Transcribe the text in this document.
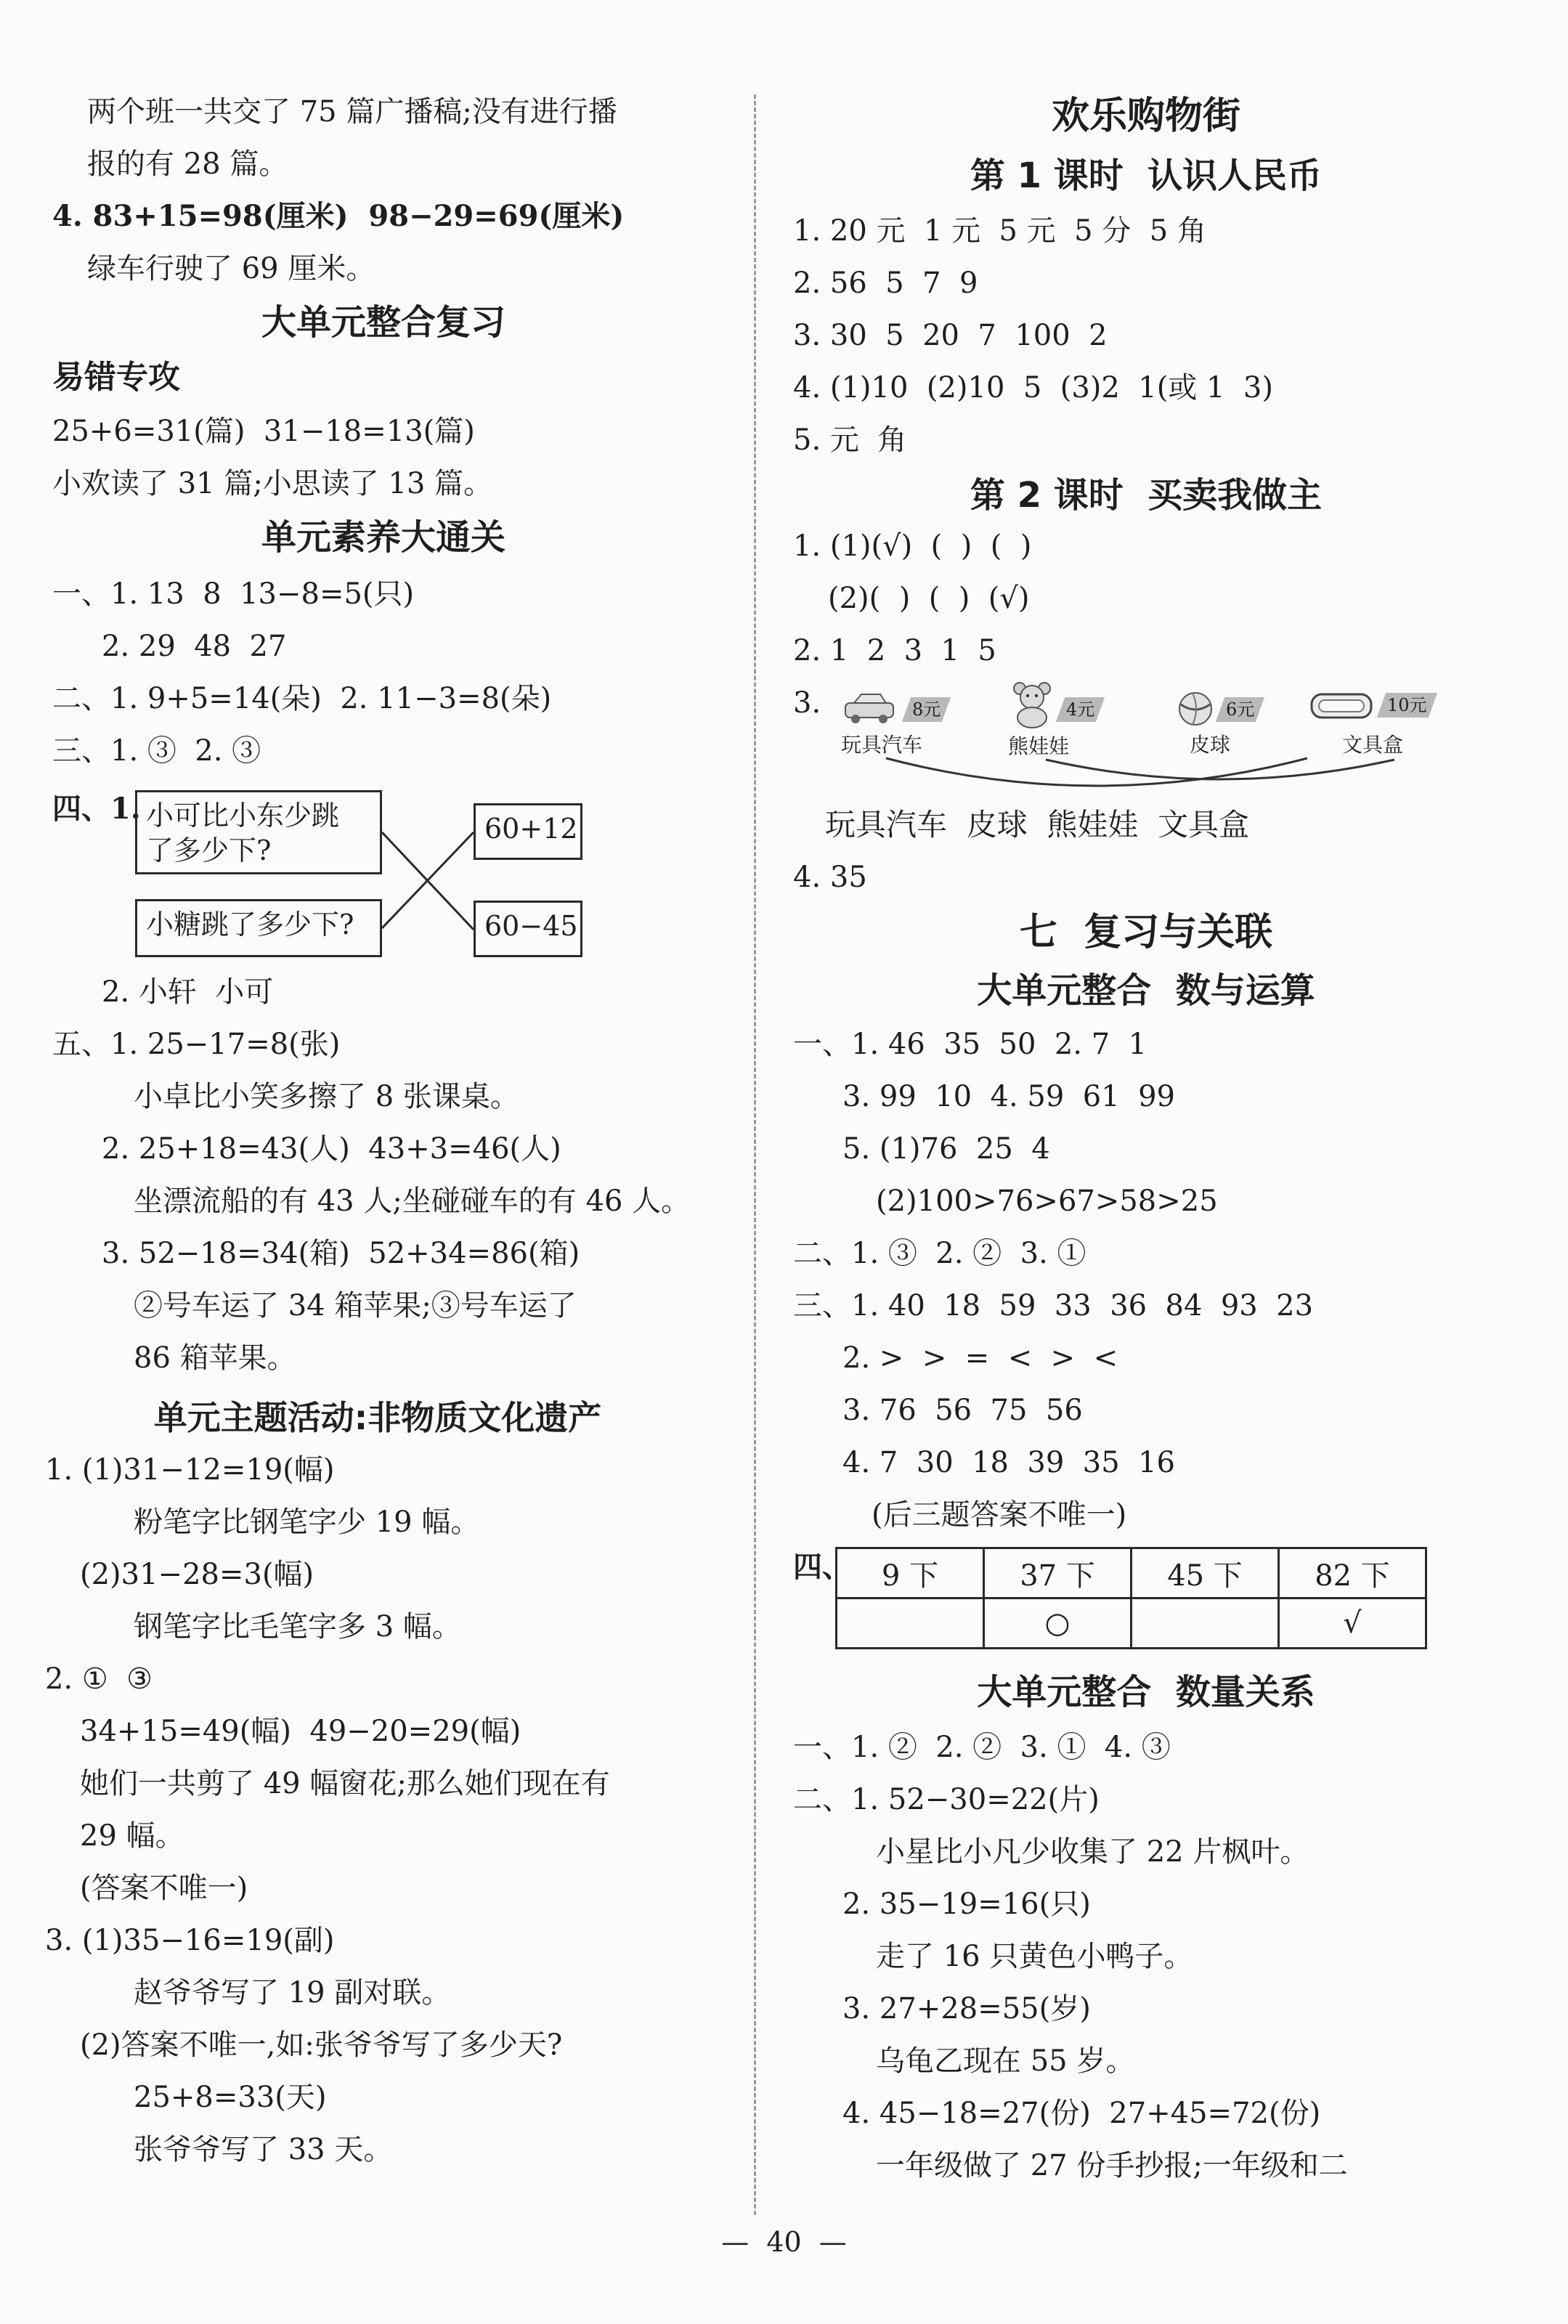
两个班一共交了 75 篇广播稿;没有进行播
报的有 28 篇。
4. 83+15=98(厘米)  98−29=69(厘米)
绿车行驶了 69 厘米。
大单元整合复习
易错专攻
25+6=31(篇)  31−18=13(篇)
小欢读了 31 篇;小思读了 13 篇。
单元素养大通关
一、1. 13  8  13−8=5(只)
2. 29  48  27
二、1. 9+5=14(朵)  2. 11−3=8(朵)
三、1. ③  2. ③
四、1. 小可比小东少跳
了多少下?
小糖跳了多少下?
60+12
60−45
2. 小轩  小可
五、1. 25−17=8(张)
小卓比小笑多擦了 8 张课桌。
2. 25+18=43(人)  43+3=46(人)
坐漂流船的有 43 人;坐碰碰车的有 46 人。
3. 52−18=34(箱)  52+34=86(箱)
②号车运了 34 箱苹果;③号车运了
86 箱苹果。
单元主题活动:非物质文化遗产
1. (1)31−12=19(幅)
粉笔字比钢笔字少 19 幅。
(2)31−28=3(幅)
钢笔字比毛笔字多 3 幅。
2. ①  ③
34+15=49(幅)  49−20=29(幅)
她们一共剪了 49 幅窗花;那么她们现在有
29 幅。
(答案不唯一)
3. (1)35−16=19(副)
赵爷爷写了 19 副对联。
(2)答案不唯一,如:张爷爷写了多少天?
25+8=33(天)
张爷爷写了 33 天。
欢乐购物街
第 1 课时  认识人民币
1. 20 元  1 元  5 元  5 分  5 角
2. 56  5  7  9
3. 30  5  20  7  100  2
4. (1)10  (2)10  5  (3)2  1(或 1  3)
5. 元  角
第 2 课时  买卖我做主
1. (1)(√)  (  )  (  )
(2)(  )  (  )  (√)
2. 1  2  3  1  5
3.	8元
玩具汽车
4元
熊娃娃
6元
皮球
10元
文具盒
玩具汽车  皮球  熊娃娃  文具盒
4. 35
七  复习与关联
大单元整合  数与运算
一、1. 46  35  50  2. 7  1
3. 99  10  4. 59  61  99
5. (1)76  25  4
(2)100>76>67>58>25
二、1. ③  2. ②  3. ①
三、1. 40  18  59  33  36  84  93  23
2. >  >  =  <  >  <
3. 76  56  75  56
4. 7  30  18  39  35  16
(后三题答案不唯一)
四、 9 下	37 下	45 下	82 下
	○		√
大单元整合  数量关系
一、1. ②  2. ②  3. ①  4. ③
二、1. 52−30=22(片)
小星比小凡少收集了 22 片枫叶。
2. 35−19=16(只)
走了 16 只黄色小鸭子。
3. 27+28=55(岁)
乌龟乙现在 55 岁。
4. 45−18=27(份)  27+45=72(份)
一年级做了 27 份手抄报;一年级和二
—  40  —
